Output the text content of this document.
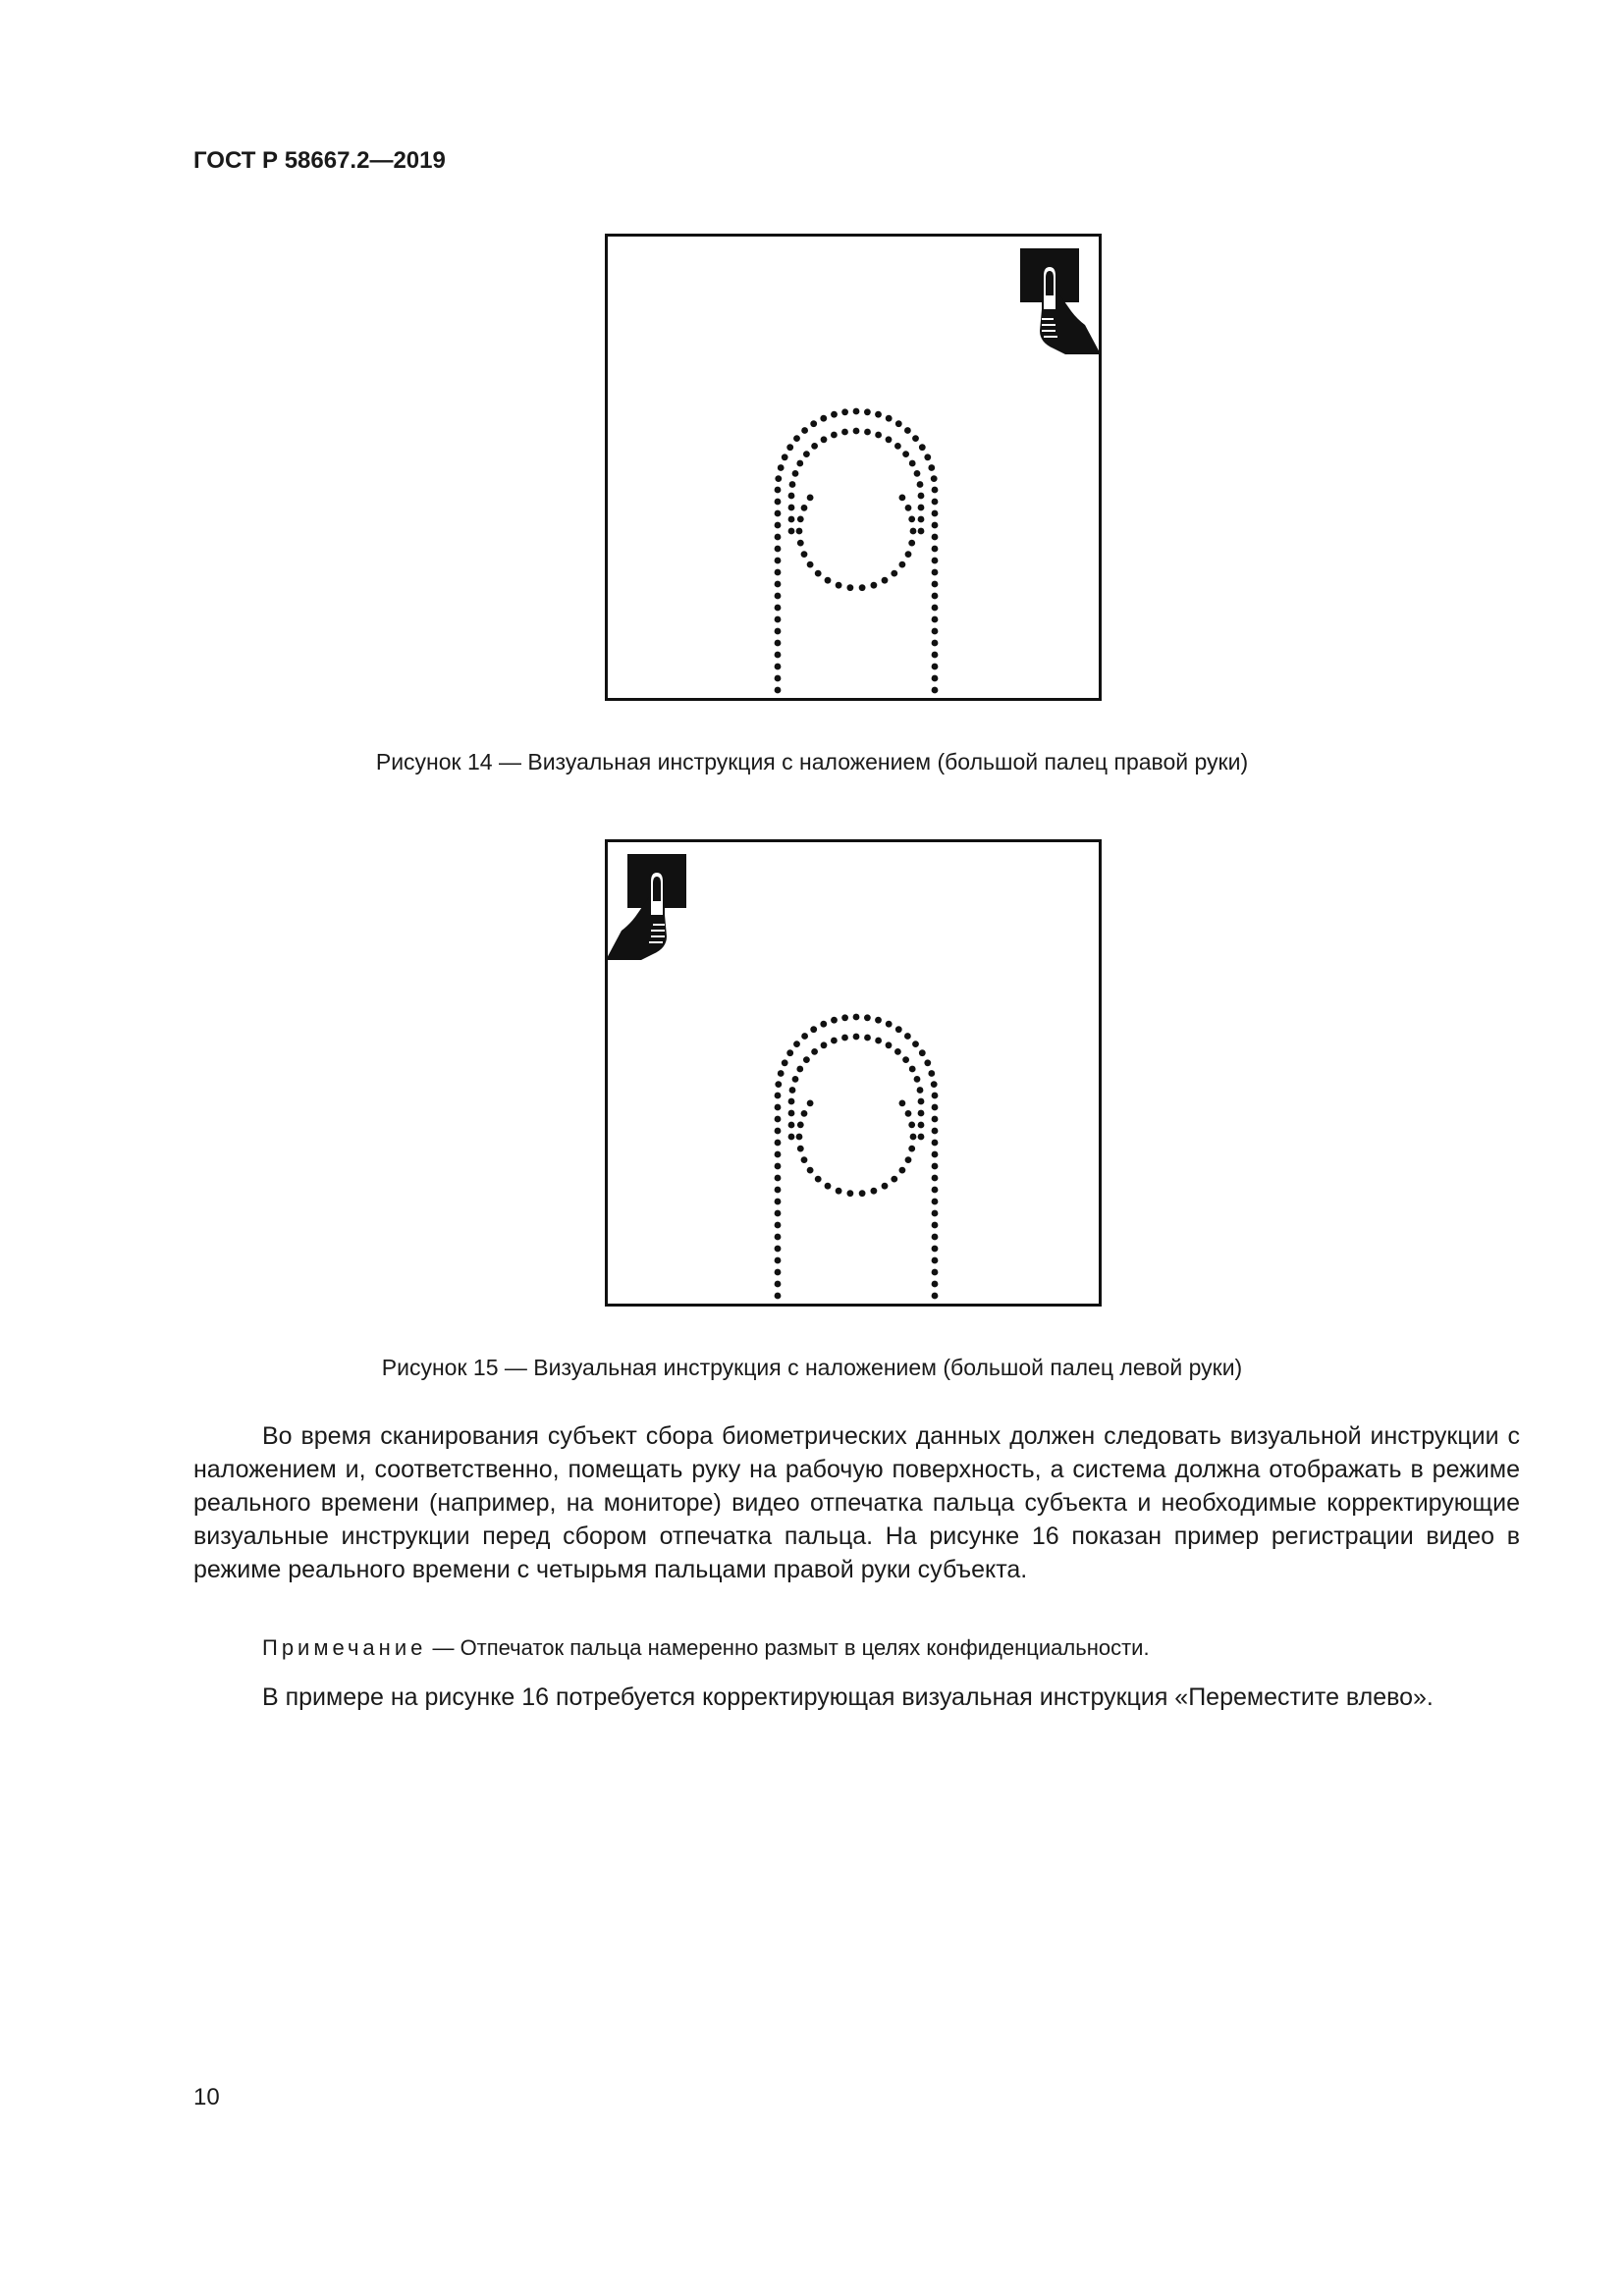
ГОСТ Р 58667.2—2019
Рисунок 14 — Визуальная инструкция с наложением (большой палец правой руки)
Рисунок 15 — Визуальная инструкция с наложением (большой палец левой руки)

Во время сканирования субъект сбора биометрических данных должен следовать визуальной инструкции с наложением и, соответственно, помещать руку на рабочую поверхность, а система должна отображать в режиме реального времени (например, на мониторе) видео отпечатка пальца субъекта и необходимые корректирующие визуальные инструкции перед сбором отпечатка пальца. На рисунке 16 показан пример регистрации видео в режиме реального времени с четырьмя пальцами правой руки субъекта.

Примечание — Отпечаток пальца намеренно размыт в целях конфиденциальности.

В примере на рисунке 16 потребуется корректирующая визуальная инструкция «Переместите влево».

10
